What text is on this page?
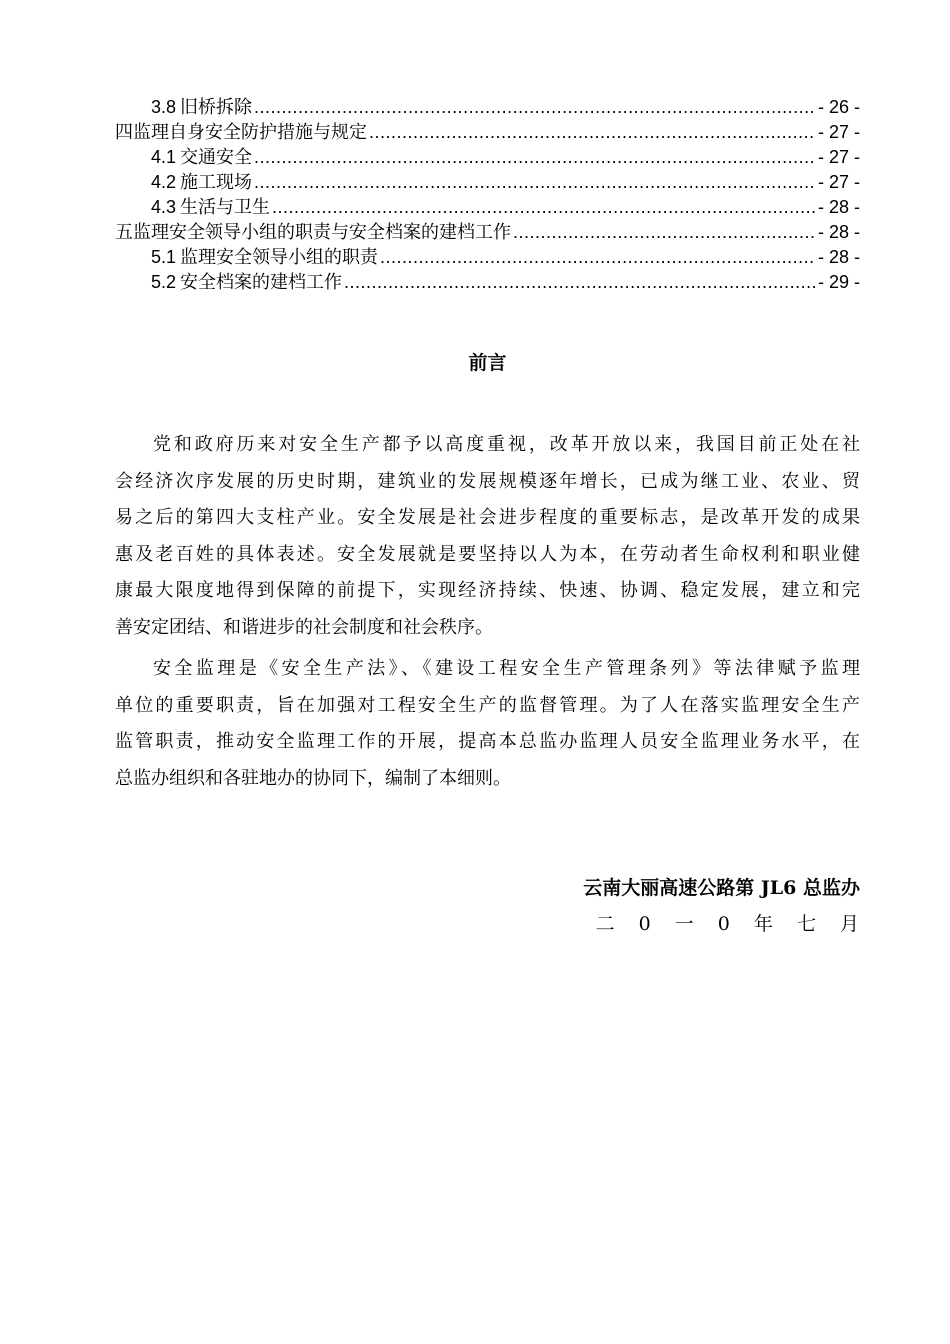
3.8 旧桥拆除 .....	- 26 -
四监理自身安全防护措施与规定 .....	- 27 -
4.1 交通安全 .....	- 27 -
4.2 施工现场 .....	- 27 -
4.3 生活与卫生 .....	- 28 -
五监理安全领导小组的职责与安全档案的建档工作 .....	- 28 -
5.1 监理安全领导小组的职责 .....	- 28 -
5.2 安全档案的建档工作 .....	- 29 -
前言
党和政府历来对安全生产都予以高度重视，改革开放以来，我国目前正处在社
会经济次序发展的历史时期，建筑业的发展规模逐年增长，已成为继工业、农业、贸
易之后的第四大支柱产业。安全发展是社会进步程度的重要标志，是改革开发的成果
惠及老百姓的具体表述。安全发展就是要坚持以人为本，在劳动者生命权利和职业健
康最大限度地得到保障的前提下，实现经济持续、快速、协调、稳定发展，建立和完
善安定团结、和谐进步的社会制度和社会秩序。
安全监理是《安全生产法》、《建设工程安全生产管理条列》等法律赋予监理
单位的重要职责，旨在加强对工程安全生产的监督管理。为了人在落实监理安全生产
监管职责，推动安全监理工作的开展，提高本总监办监理人员安全监理业务水平，在
总监办组织和各驻地办的协同下，编制了本细则。
云南大丽高速公路第 JL6 总监办
二 0 一 0 年 七 月
